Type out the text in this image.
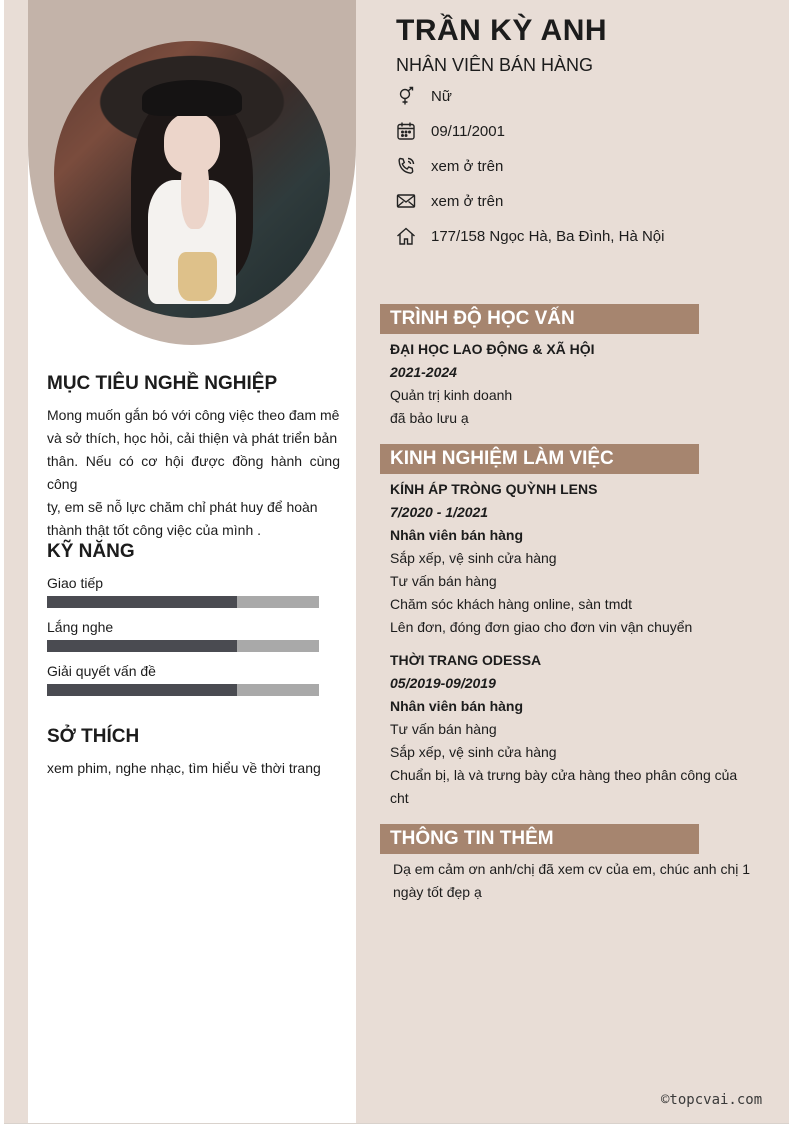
TRẦN KỲ ANH
NHÂN VIÊN BÁN HÀNG
Nữ
09/11/2001
xem ở trên
xem ở trên
177/158 Ngọc Hà, Ba Đình, Hà Nội
MỤC TIÊU NGHỀ NGHIỆP
Mong muốn gắn bó với công việc theo đam mê
và sở thích, học hỏi, cải thiện và phát triển bản
thân. Nếu có cơ hội được đồng hành cùng công
ty, em sẽ nỗ lực chăm chỉ phát huy để hoàn
thành thật tốt công việc của mình .
KỸ NĂNG
Giao tiếp
Lắng nghe
Giải quyết vấn đề
SỞ THÍCH
xem phim, nghe nhạc, tìm hiểu về thời trang
TRÌNH ĐỘ HỌC VẤN
ĐẠI HỌC LAO ĐỘNG & XÃ HỘI
2021-2024
Quản trị kinh doanh
đã bảo lưu ạ
KINH NGHIỆM LÀM VIỆC
KÍNH ÁP TRÒNG QUỲNH LENS
7/2020 - 1/2021
Nhân viên bán hàng
Sắp xếp, vệ sinh cửa hàng
Tư vấn bán hàng
Chăm sóc khách hàng online, sàn tmdt
Lên đơn, đóng đơn giao cho đơn vin vận chuyển
THỜI TRANG ODESSA
05/2019-09/2019
Nhân viên bán hàng
Tư vấn bán hàng
Sắp xếp, vệ sinh cửa hàng
Chuẩn bị, là và trưng bày cửa hàng theo phân công của
cht
THÔNG TIN THÊM
Dạ em cảm ơn anh/chị đã xem cv của em, chúc anh chị 1
ngày tốt đẹp ạ
©topcvai.com
